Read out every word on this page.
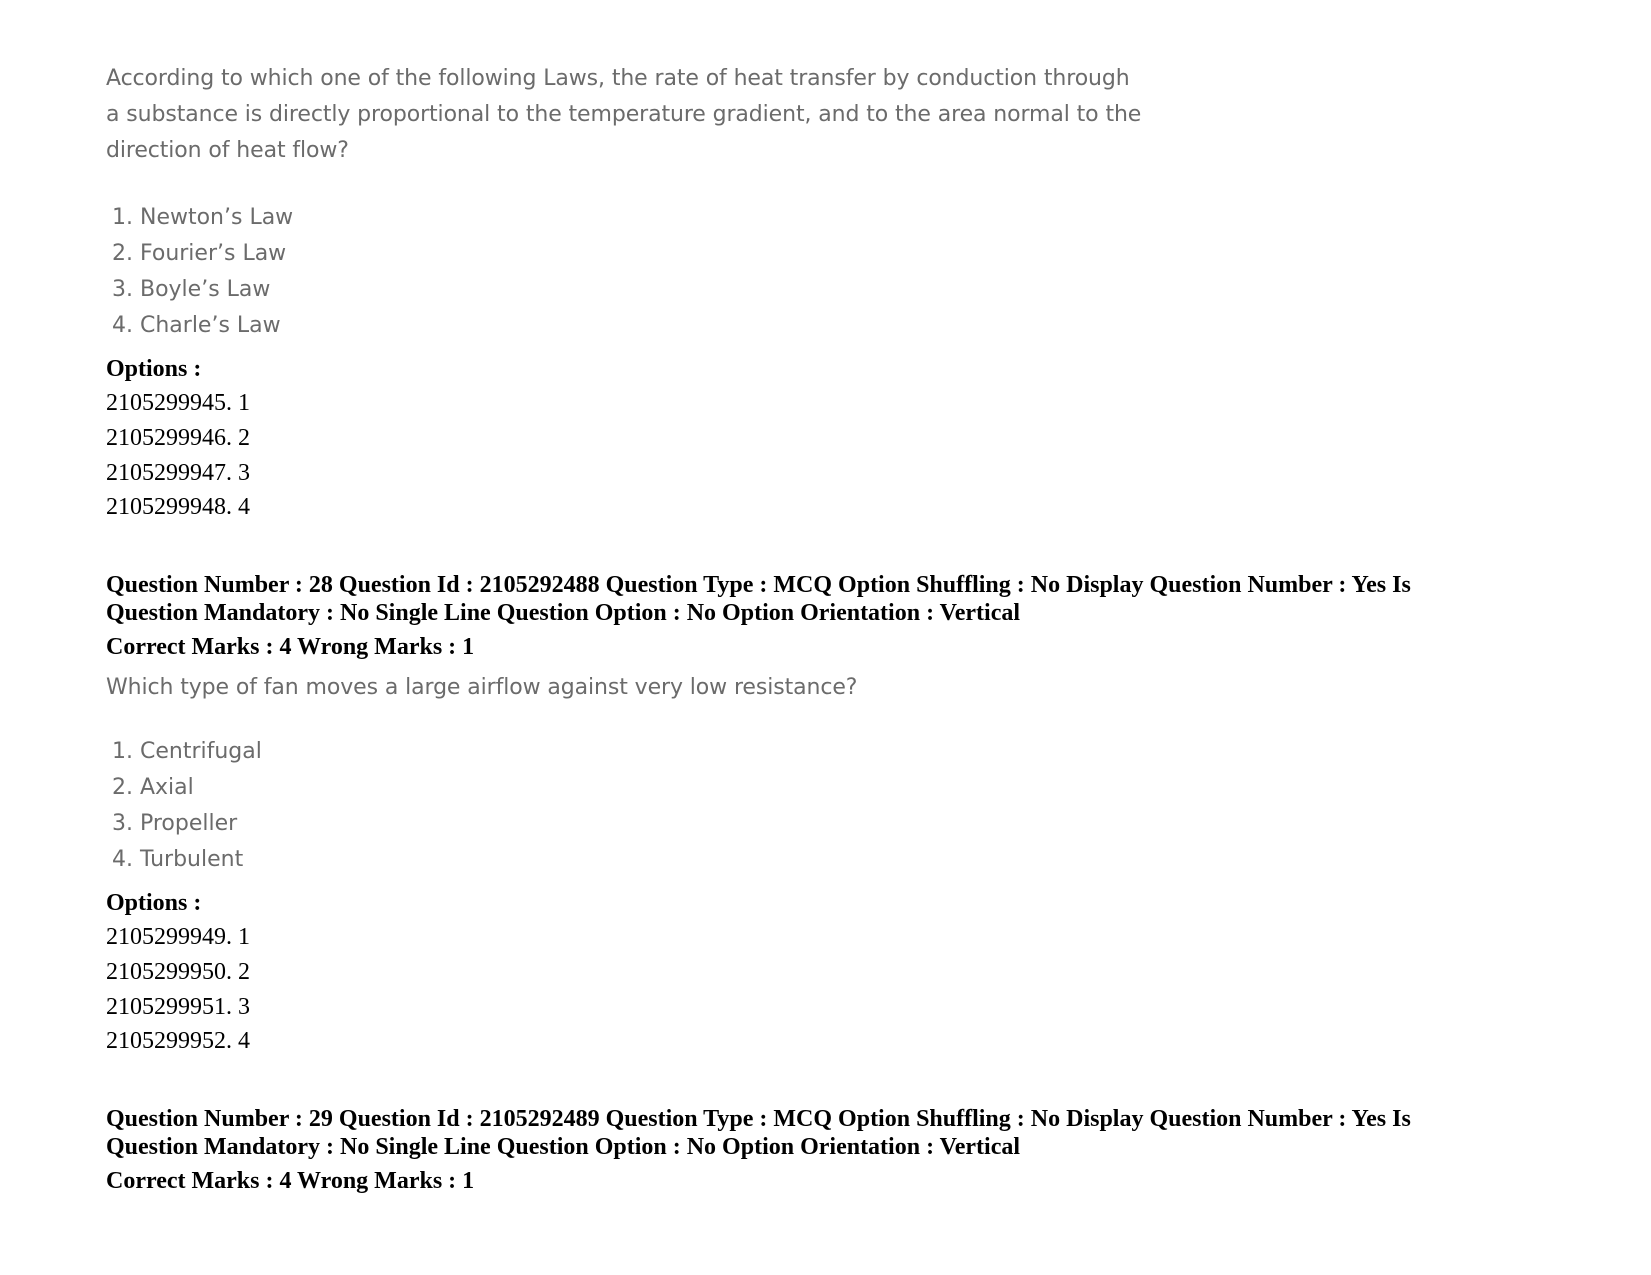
According to which one of the following Laws, the rate of heat transfer by conduction through
a substance is directly proportional to the temperature gradient, and to the area normal to the
direction of heat flow?
1. Newton’s Law
2. Fourier’s Law
3. Boyle’s Law
4. Charle’s Law
Options :
2105299945. 1
2105299946. 2
2105299947. 3
2105299948. 4
Question Number : 28 Question Id : 2105292488 Question Type : MCQ Option Shuffling : No Display Question Number : Yes Is
Question Mandatory : No Single Line Question Option : No Option Orientation : Vertical
Correct Marks : 4 Wrong Marks : 1
Which type of fan moves a large airflow against very low resistance?
1. Centrifugal
2. Axial
3. Propeller
4. Turbulent
Options :
2105299949. 1
2105299950. 2
2105299951. 3
2105299952. 4
Question Number : 29 Question Id : 2105292489 Question Type : MCQ Option Shuffling : No Display Question Number : Yes Is
Question Mandatory : No Single Line Question Option : No Option Orientation : Vertical
Correct Marks : 4 Wrong Marks : 1
